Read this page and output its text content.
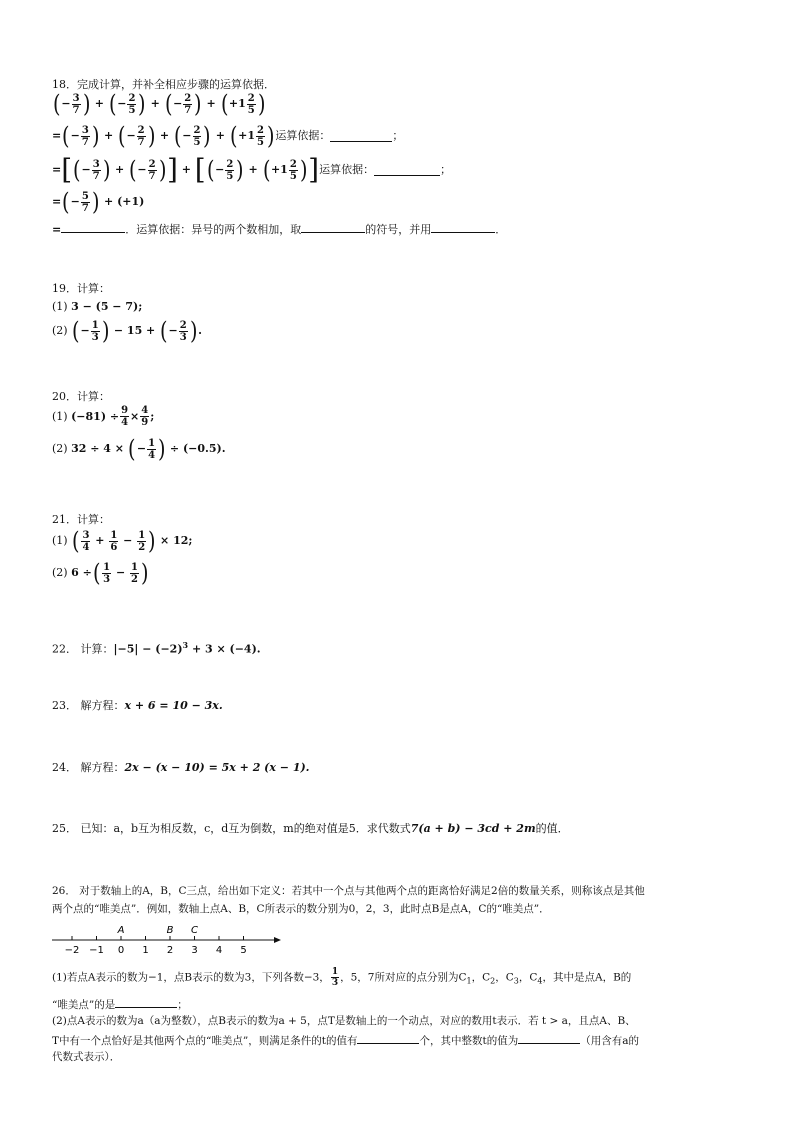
18．完成计算，并补全相应步骤的运算依据．
( − $\frac{3}{7}$ )
+
( − $\frac{2}{5}$ )
+
( − $\frac{2}{7}$ )
+
( $+1 \frac{2}{5}$ )
= ( − $\frac{3}{7}$ )
+
( − $\frac{2}{7}$ )
+
( − $\frac{2}{5}$ )
+
( $+1 \frac{2}{5}$ ) 运算依据：	；
= [ ( − $\frac{3}{7}$ )
+
( − $\frac{2}{7}$ ) ]
+
[ ( − $\frac{2}{5}$ )
+
( $+1 \frac{2}{5}$ ) ] 运算依据：	；
= ( − $\frac{5}{7}$ )
+
(+1)
=	．运算依据：异号的两个数相加，取	的符号，并用	．
19．计算：
(1) 3 − (5 − 7);
(2)
( − $\frac{1}{3}$ )
− 15 +
( − $\frac{2}{3}$ ) .
20．计算：
(1)
$(-81) \div \frac{9}{4} \times \frac{4}{9}$ ;
(2)
32 ÷ 4 ×
( − $\frac{1}{4}$ )
÷ (−0.5).
21．计算：
(1)
( $\frac{3}{4} + \frac{1}{6} - \frac{1}{2}$ )
× 12;
(2)
6 ÷ ( $\frac{1}{3} - \frac{1}{2}$ )
22． 计算：$|-5| - (-2)^3 + 3 \times (-4)$.
23． 解方程：x + 6 = 10 − 3x.
24． 解方程：2x − (x − 10) = 5x + 2 (x − 1).
25． 已知：a，b互为相反数，c，d互为倒数，m的绝对值是5．求代数式7(a + b) − 3cd + 2m的值．
26． 对于数轴上的A，B，C三点，给出如下定义：若其中一个点与其他两个点的距离恰好满足2倍的数量关系，则称该点是其他
两个点的“唯美点”．例如，数轴上点A、B，C所表示的数分别为0，2，3，此时点B是点A，C的“唯美点”．
−2 −1 0 1 2 3 4 5
A	B C
(1)若点A表示的数为−1，点B表示的数为3，下列各数−3， $\frac{1}{3}$ ，5，7所对应的点分别为$C_1$，$C_2$，$C_3$，$C_4$，其中是点A，B的
“唯美点”的是	；
(2)点A表示的数为a（a为整数），点B表示的数为a + 5，点T是数轴上的一个动点，对应的数用t表示．若 t > a，且点A、B、
T中有一个点恰好是其他两个点的“唯美点”，则满足条件的t的值有	个，其中整数t的值为	（用含有a的
代数式表示）．
